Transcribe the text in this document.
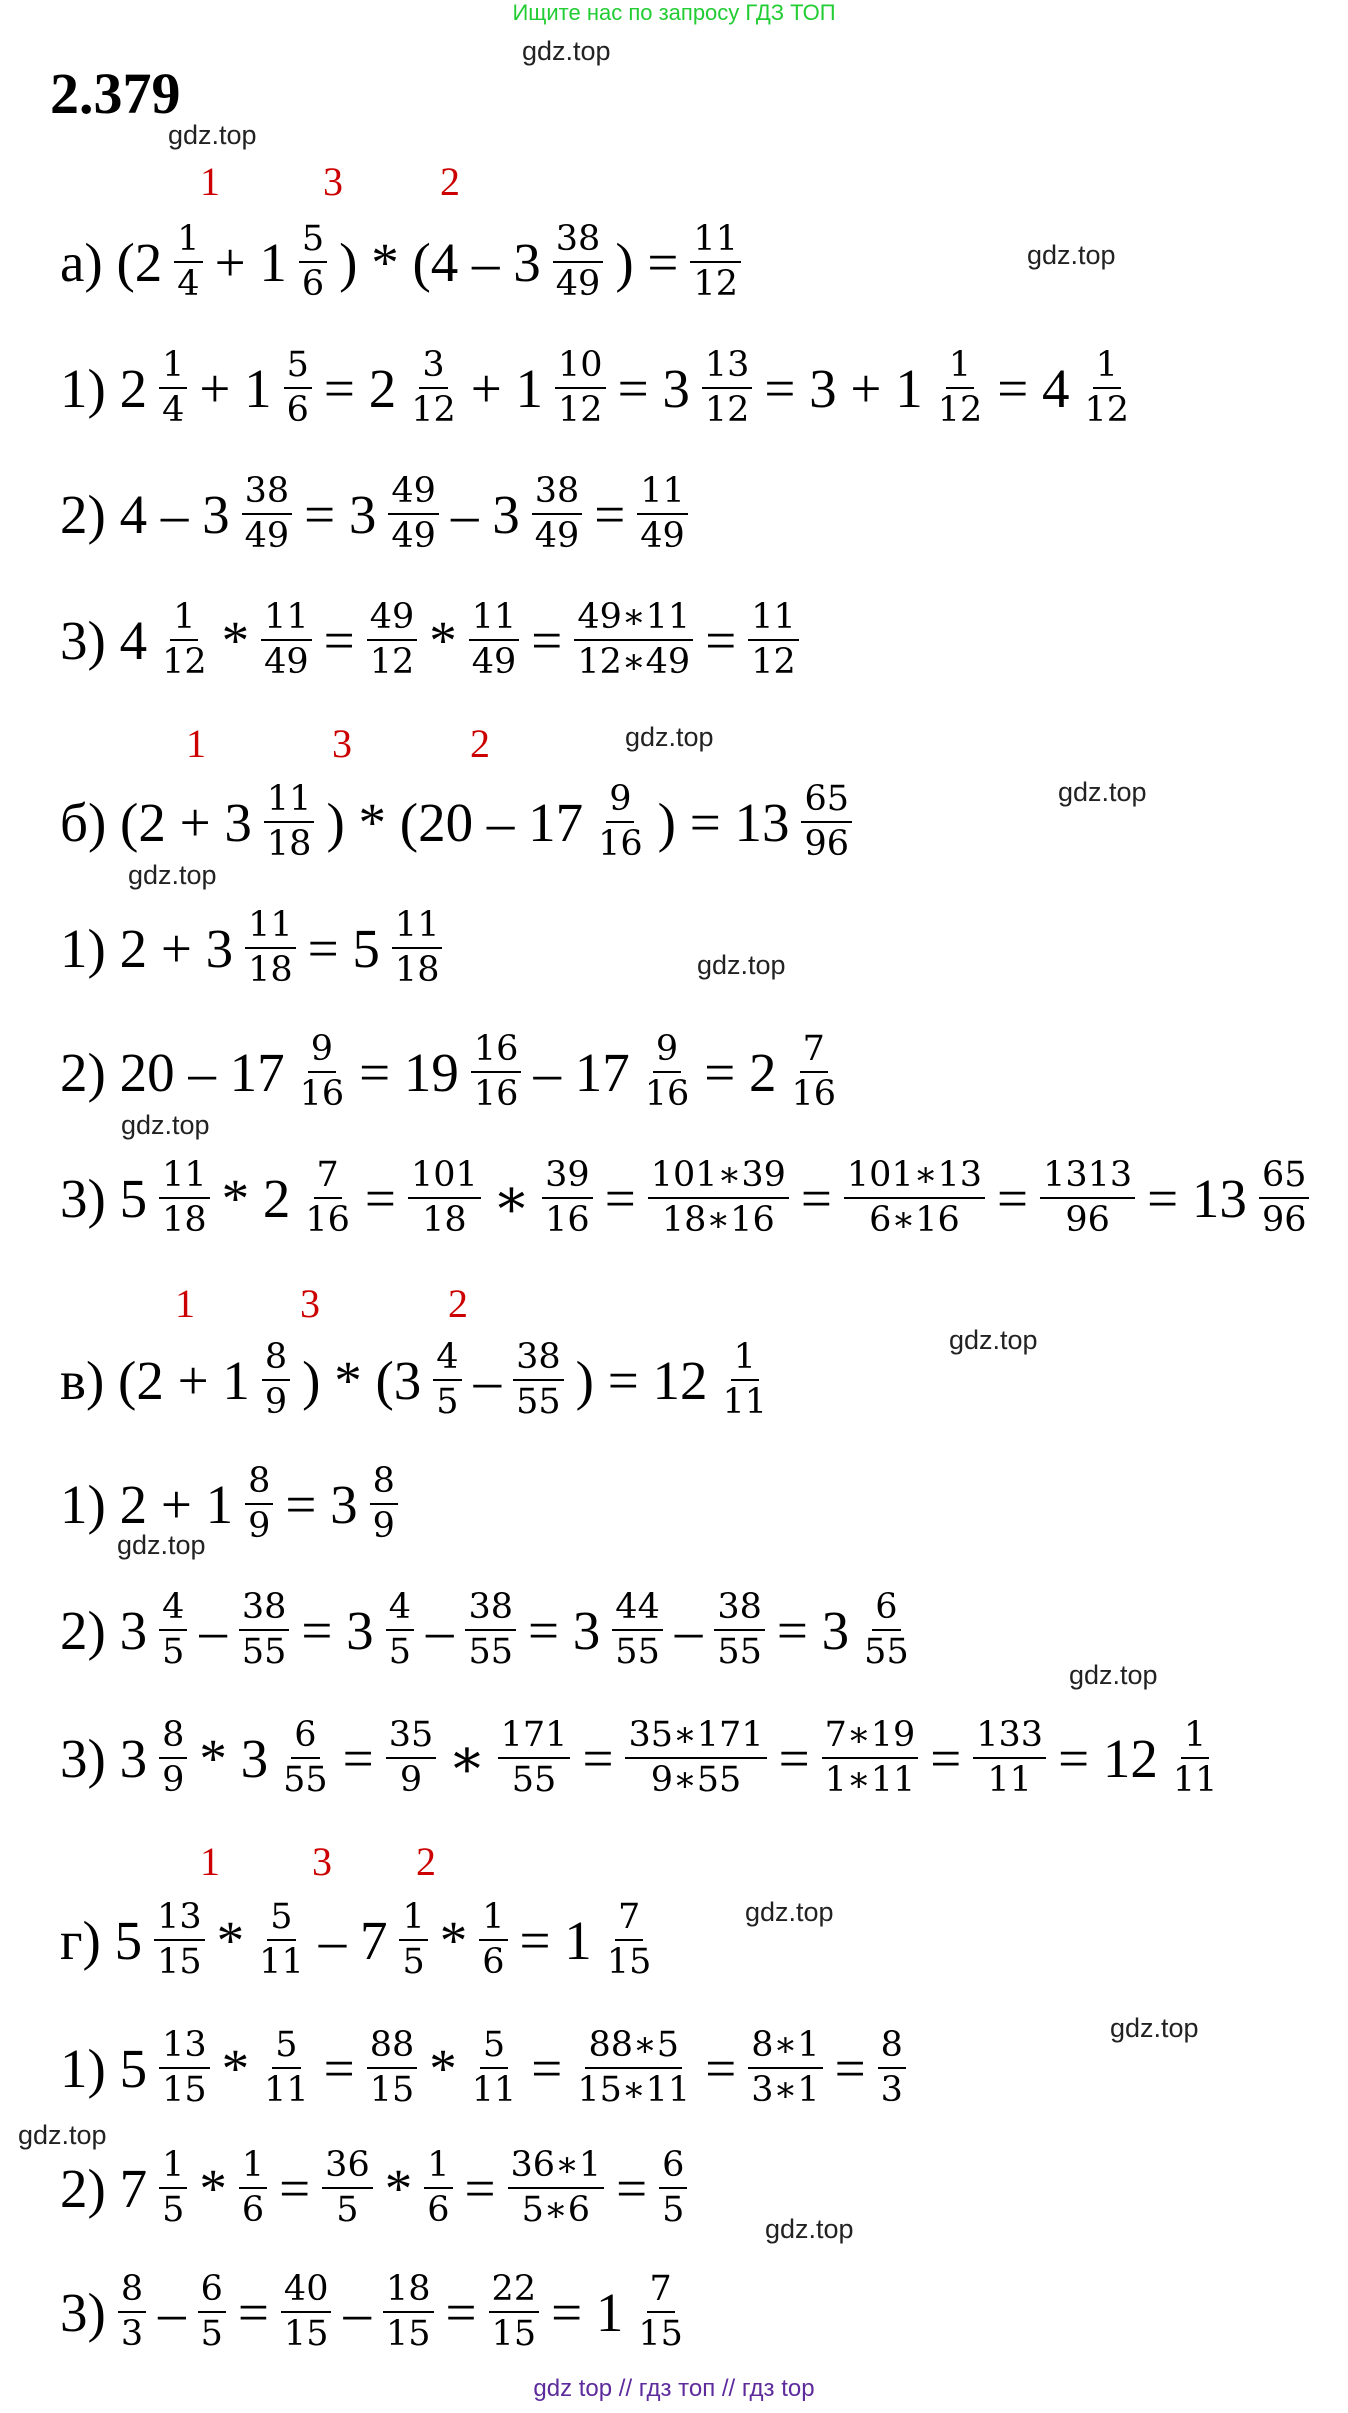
Ищите нас по запросу ГДЗ ТОП
2.379
gdz.top
gdz.top
gdz.top
gdz.top
gdz.top
gdz.top
gdz.top
gdz.top
gdz.top
gdz.top
gdz.top
gdz.top
gdz.top
gdz.top
gdz.top
1	3 2
а) ($2 \frac{1}{4} + 1 \frac{5}{6}$ ) * ($4 - 3 \frac{38}{49}$ ) = $\frac{11}{12}$
1) $2 \frac{1}{4} + 1 \frac{5}{6} = 2 \frac{3}{12} + 1 \frac{10}{12} = 3 \frac{13}{12} = 3 + 1 \frac{1}{12} = 4 \frac{1}{12}$
2) $4 - 3 \frac{38}{49} = 3 \frac{49}{49} - 3 \frac{38}{49} = \frac{11}{49}$
3) $4 \frac{1}{12} * \frac{11}{49} = \frac{49}{12} * \frac{11}{49} = \frac{49∗11}{12∗49} = \frac{11}{12}$
1	3	2
б) ($2 + 3 \frac{11}{18}$ ) * ($20 - 17 \frac{9}{16}$ ) = $13 \frac{65}{96}$
1) $2 + 3 \frac{11}{18} = 5 \frac{11}{18}$
2) $20 - 17 \frac{9}{16} = 19 \frac{16}{16} - 17 \frac{9}{16} = 2 \frac{7}{16}$
3) $5 \frac{11}{18} * 2 \frac{7}{16} = \frac{101}{18}$ ∗ $\frac{39}{16} = \frac{101∗39}{18∗16} = \frac{101∗13}{6∗16} = \frac{1313}{96} = 13 \frac{65}{96}$
1	3	2
в) ($2 + 1 \frac{8}{9}$ ) * ($3 \frac{4}{5} - \frac{38}{55}$ ) = $12 \frac{1}{11}$
1) $2 + 1 \frac{8}{9} = 3 \frac{8}{9}$
2) $3 \frac{4}{5} - \frac{38}{55} = 3 \frac{4}{5} - \frac{38}{55} = 3 \frac{44}{55} - \frac{38}{55} = 3 \frac{6}{55}$
3) $3 \frac{8}{9} * 3 \frac{6}{55} = \frac{35}{9}$ ∗ $\frac{171}{55} = \frac{35∗171}{9∗55} = \frac{7∗19}{1∗11} = \frac{133}{11} = 12 \frac{1}{11}$
1 3 2
г) $5 \frac{13}{15} * \frac{5}{11} - 7 \frac{1}{5} * \frac{1}{6} = 1 \frac{7}{15}$
1) $5 \frac{13}{15} * \frac{5}{11} = \frac{88}{15} * \frac{5}{11} = \frac{88∗5}{15∗11} = \frac{8∗1}{3∗1} = \frac{8}{3}$
2) $7 \frac{1}{5} * \frac{1}{6} = \frac{36}{5} * \frac{1}{6} = \frac{36∗1}{5∗6} = \frac{6}{5}$
$3) \frac{8}{3} - \frac{6}{5} = \frac{40}{15} - \frac{18}{15} = \frac{22}{15} = 1 \frac{7}{15}$
gdz top // гдз топ // гдз top
